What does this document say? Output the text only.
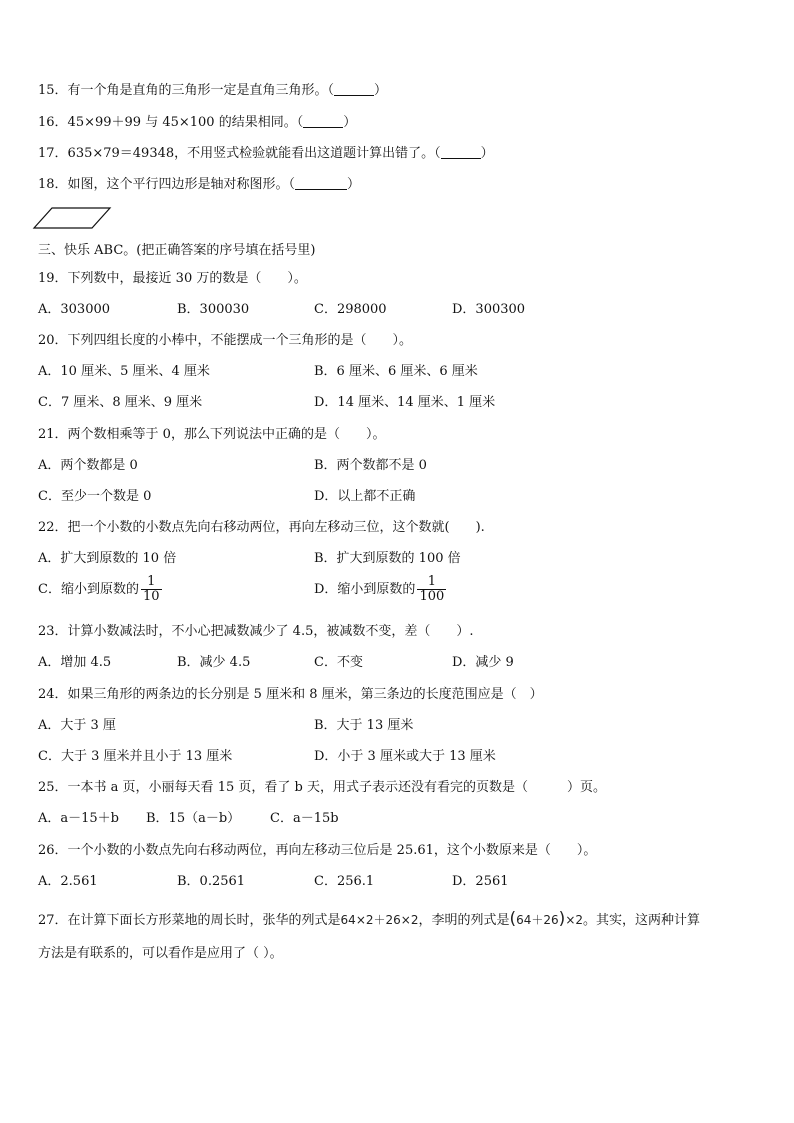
15．有一个角是直角的三角形一定是直角三角形。（	）
16．45×99＋99 与 45×100 的结果相同。（	）
17．635×79＝49348，不用竖式检验就能看出这道题计算出错了。（	）
18．如图，这个平行四边形是轴对称图形。（	）
三、快乐 ABC。(把正确答案的序号填在括号里)
19．下列数中，最接近 30 万的数是（　　）。
A．303000	B．300030	C．298000	D．300300
20．下列四组长度的小棒中，不能摆成一个三角形的是（　　）。
A．10 厘米、5 厘米、4 厘米	B．6 厘米、6 厘米、6 厘米
C．7 厘米、8 厘米、9 厘米	D．14 厘米、14 厘米、1 厘米
21．两个数相乘等于 0，那么下列说法中正确的是（　　）。
A．两个数都是 0	B．两个数都不是 0
C．至少一个数是 0	D．以上都不正确
22．把一个小数的小数点先向右移动两位，再向左移动三位，这个数就(　　).
A．扩大到原数的 10 倍	B．扩大到原数的 100 倍
C．缩小到原数的 $\frac{1}{10}$	D．缩小到原数的 $\frac{1}{100}$
23．计算小数减法时，不小心把减数减少了 4.5，被减数不变，差（　　）.
A．增加 4.5	B．减少 4.5	C．不变	D．减少 9
24．如果三角形的两条边的长分别是 5 厘米和 8 厘米，第三条边的长度范围应是（　）
A．大于 3 厘	B．大于 13 厘米
C．大于 3 厘米并且小于 13 厘米	D．小于 3 厘米或大于 13 厘米
25．一本书 a 页，小丽每天看 15 页，看了 b 天，用式子表示还没有看完的页数是（　　　）页。
A．a－15＋b B．15（a－b） C．a－15b
26．一个小数的小数点先向右移动两位，再向左移动三位后是 25.61，这个小数原来是（　　）。
A．2.561	B．0.2561	C．256.1	D．2561
27．在计算下面长方形菜地的周长时，张华的列式是64×2＋26×2，李明的列式是(64＋26)×2。其实，这两种计算
方法是有联系的，可以看作是应用了（ ）。
